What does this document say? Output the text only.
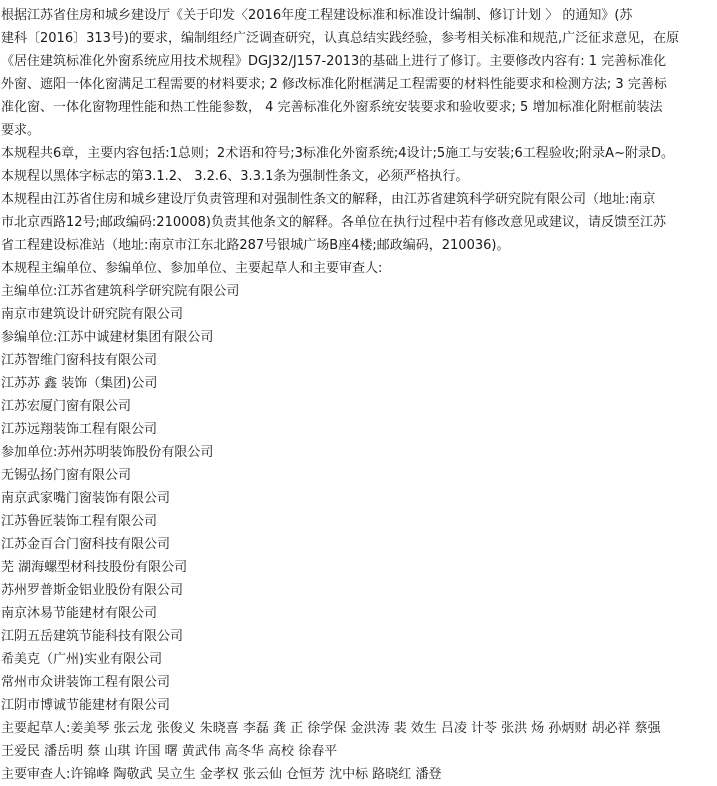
根据江苏省住房和城乡建设厅《关于印发〈2016年度工程建设标准和标准设计编制、修订计划 〉 的通知》(苏
建科〔2016〕313号)的要求，编制组经广泛调查研究，认真总结实践经验，参考相关标准和规范,广泛征求意见，在原
《居住建筑标准化外窗系统应用技术规程》DGJ32/J157-2013的基础上进行了修订。主要修改内容有: 1 完善标准化
外窗、遮阳一体化窗满足工程需要的材料要求; 2 修改标准化附框满足工程需要的材料性能要求和检测方法; 3 完善标
准化窗、一体化窗物理性能和热工性能参数， 4 完善标准化外窗系统安装要求和验收要求; 5 增加标准化附框前装法
要求。
本规程共6章，主要内容包括:1总则；2术语和符号;3标准化外窗系统;4设计;5施工与安装;6工程验收;附录A~附录D。
本规程以黑体字标志的第3.1.2、 3.2.6、3.3.1条为强制性条文，必须严格执行。
本规程由江苏省住房和城乡建设厅负责管理和对强制性条文的解释，由江苏省建筑科学研究院有限公司（地址:南京
市北京西路12号;邮政编码:210008)负责其他条文的解释。各单位在执行过程中若有修改意见或建议，请反馈至江苏
省工程建设标准站（地址:南京市江东北路287号银城广场B座4楼;邮政编码，210036)。

本规程主编单位、参编单位、参加单位、主要起草人和主要审查人:

主编单位:江苏省建筑科学研究院有限公司

南京市建筑设计研究院有限公司

参编单位:江苏中诚建材集团有限公司

江苏智维门窗科技有限公司

江苏苏 鑫 装饰（集团)公司

江苏宏厦门窗有限公司

江苏远翔装饰工程有限公司

参加单位:苏州苏明装饰股份有限公司

无锡弘扬门窗有限公司

南京武家嘴门窗装饰有限公司

江苏鲁匠装饰工程有限公司

江苏金百合门窗科技有限公司

芜 湖海螺型材科技股份有限公司

苏州罗普斯金铝业股份有限公司

南京沐易节能建材有限公司

江阴五岳建筑节能科技有限公司

希美克（广州)实业有限公司

常州市众讲装饰工程有限公司

江阴市博诚节能建材有限公司

主要起草人:姜美琴 张云龙 张俊义 朱晓喜 李磊 龚 正 徐学保 金洪涛 裴 效生 吕凌 计苓 张洪 炀 孙炳财 胡必祥 蔡强

王爱民 潘岳明 蔡 山琪 许国 曙 黄武伟 高冬华 高校 徐春平

主要审查人:许锦峰 陶敬武 吴立生 金孝权 张云仙 仓恒芳 沈中标 路晓红 潘登
